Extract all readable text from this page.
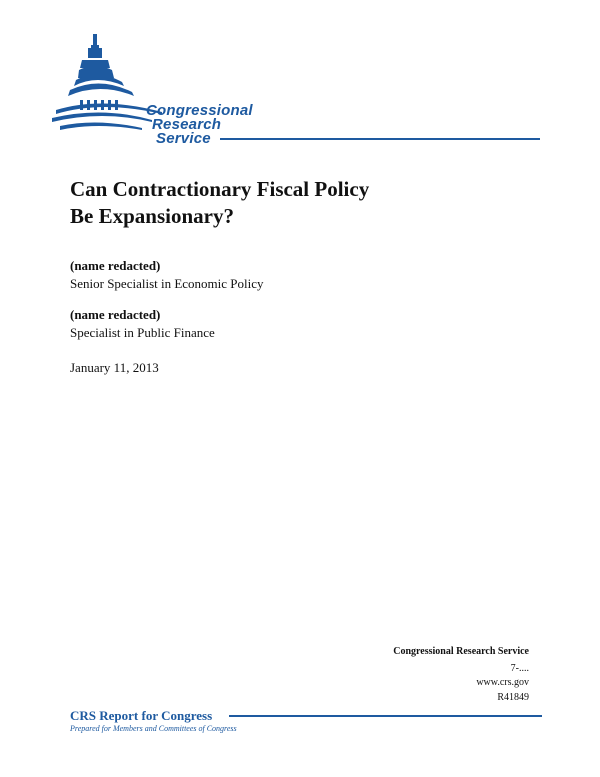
Congressional
Research
Service
Can Contractionary Fiscal Policy
Be Expansionary?
(name redacted)
Senior Specialist in Economic Policy
(name redacted)
Specialist in Public Finance
January 11, 2013
Congressional Research Service
7-....
www.crs.gov
R41849
CRS Report for Congress
Prepared for Members and Committees of Congress
